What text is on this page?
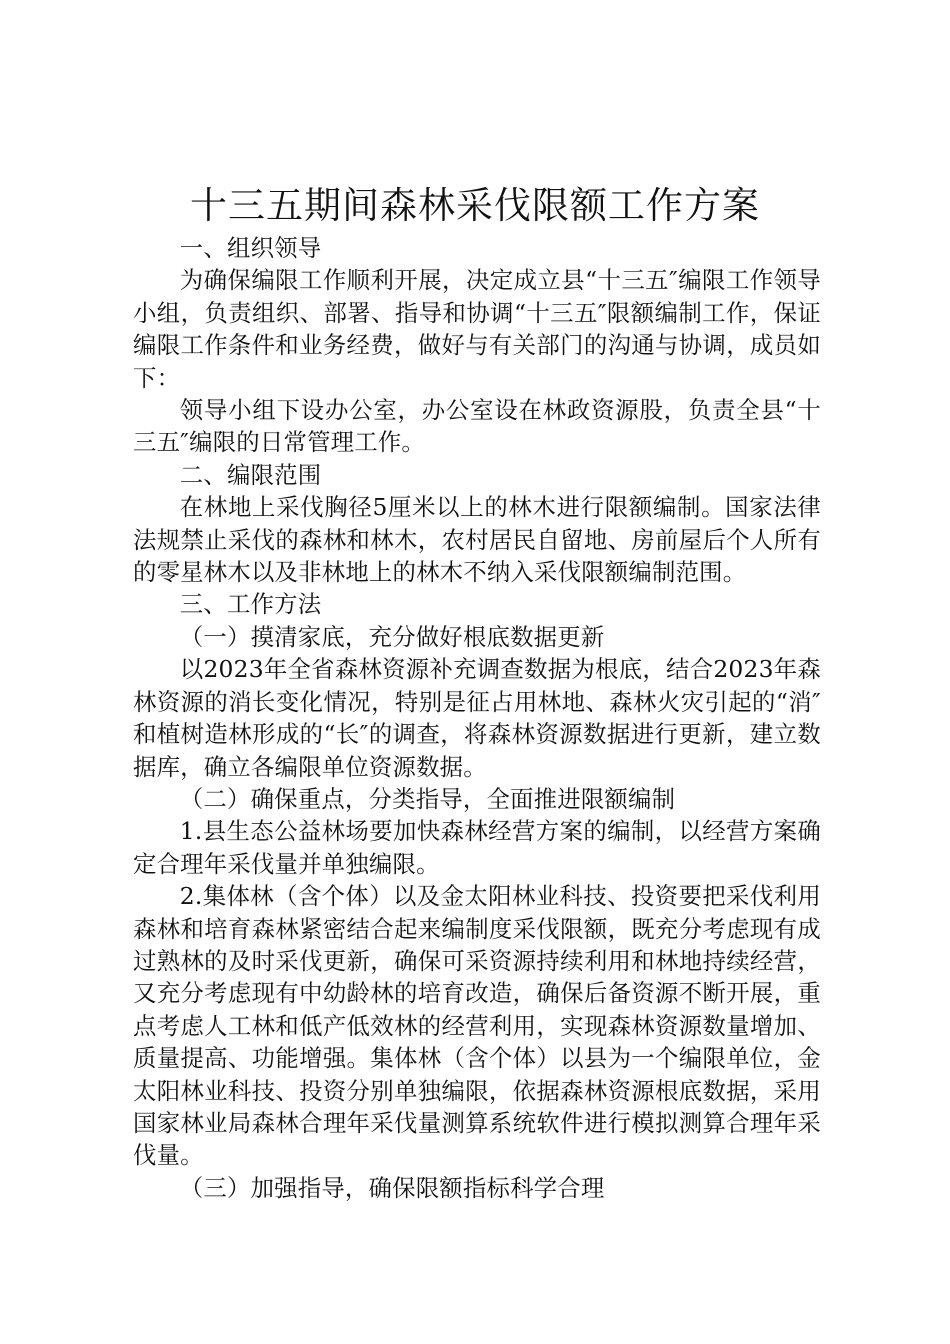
十三五期间森林采伐限额工作方案

一、组织领导

为确保编限工作顺利开展，决定成立县“十三五″编限工作领导小组，负责组织、部署、指导和协调“十三五″限额编制工作，保证编限工作条件和业务经费，做好与有关部门的沟通与协调，成员如下：

领导小组下设办公室，办公室设在林政资源股，负责全县“十三五″编限的日常管理工作。

二、编限范围

在林地上采伐胸径5厘米以上的林木进行限额编制。国家法律法规禁止采伐的森林和林木，农村居民自留地、房前屋后个人所有的零星林木以及非林地上的林木不纳入采伐限额编制范围。

三、工作方法

（一）摸清家底，充分做好根底数据更新

以2023年全省森林资源补充调查数据为根底，结合2023年森林资源的消长变化情况，特别是征占用林地、森林火灾引起的“消″和植树造林形成的“长″的调查，将森林资源数据进行更新，建立数据库，确立各编限单位资源数据。

（二）确保重点，分类指导，全面推进限额编制

1.县生态公益林场要加快森林经营方案的编制，以经营方案确定合理年采伐量并单独编限。

2.集体林（含个体）以及金太阳林业科技、投资要把采伐利用森林和培育森林紧密结合起来编制度采伐限额，既充分考虑现有成过熟林的及时采伐更新，确保可采资源持续利用和林地持续经营，又充分考虑现有中幼龄林的培育改造，确保后备资源不断开展，重点考虑人工林和低产低效林的经营利用，实现森林资源数量增加、质量提高、功能增强。集体林（含个体）以县为一个编限单位，金太阳林业科技、投资分别单独编限，依据森林资源根底数据，采用国家林业局森林合理年采伐量测算系统软件进行模拟测算合理年采伐量。

（三）加强指导，确保限额指标科学合理
